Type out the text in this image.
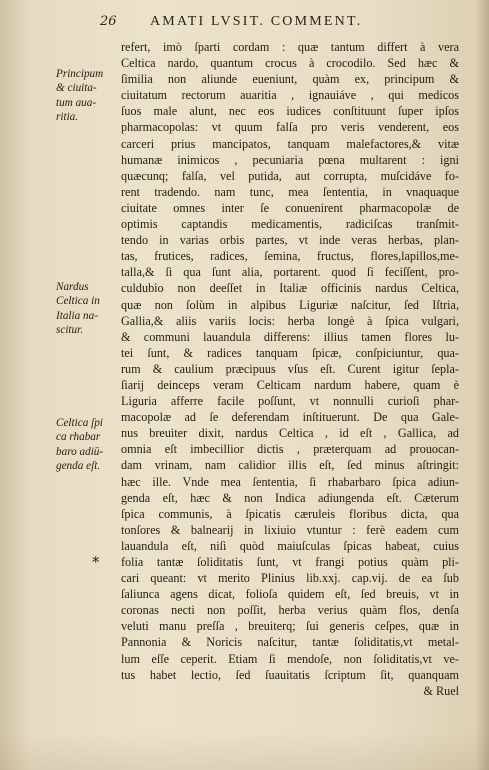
26 AMATI LVSIT. COMMENT.
Principum
& ciuita-
tum aua-
ritia.
Nardus
Celtica in
Italia na-
scitur.
Celtica ſpi
ca rhabar
baro adiū-
genda eſt.
*
refert, imò ſparti cordam : quæ tantum differt à vera
Celtica nardo, quantum crocus à crocodilo. Sed hæc &
ſimilia non aliunde eueniunt, quàm ex, principum &
ciuitatum rectorum auaritia , ignauiáve , qui medicos
ſuos male alunt, nec eos iudices conſtituunt ſuper ipſos
pharmacopolas: vt quum falſa pro veris venderent, eos
carceri prius mancipatos, tanquam malefactores,& vitæ
humanæ inimicos , pecuniaria pœna multarent : igni
quæcunq; falſa, vel putida, aut corrupta, muſcidáve fo-
rent tradendo. nam tunc, mea ſententia, in vnaquaque
ciuitate omnes inter ſe conuenirent pharmacopolæ de
optimis captandis medicamentis, radiciſcas tranſmit-
tendo in varias orbis partes, vt inde veras herbas, plan-
tas, frutices, radices, ſemina, fructus, flores,lapillos,me-
talla,& ſi qua ſunt alia, portarent. quod ſi feciſſent, pro-
culdubio non deeſſet in Italiæ officinis nardus Celtica,
quæ non ſolùm in alpibus Liguriæ naſcitur, ſed Iſtria,
Gallia,& aliis variis locis: herba longè à ſpica vulgari,
& communi lauandula differens: illius tamen flores lu-
tei ſunt, & radices tanquam ſpicæ, conſpiciuntur, qua-
rum & caulium præcipuus vſus eſt. Curent igitur ſepla-
ſiarij deinceps veram Celticam nardum habere, quam è
Liguria afferre facile poſſunt, vt nonnulli curioſi phar-
macopolæ ad ſe deferendam inſtituerunt. De qua Gale-
nus breuiter dixit, nardus Celtica , id eſt , Gallica, ad
omnia eſt imbecillior dictis , præterquam ad prouocan-
dam vrinam, nam calidior illis eſt, ſed minus aſtringit:
hæc ille. Vnde mea ſententia, ſi rhabarbaro ſpica adiun-
genda eſt, hæc & non Indica adiungenda eſt. Cæterum
ſpica communis, à ſpicatis cæruleis floribus dicta, qua
tonſores & balnearij in lixiuio vtuntur : ferè eadem cum
lauandula eſt, niſi quòd maiuſculas ſpicas habeat, cuius
folia tantæ ſoliditatis ſunt, vt frangi potius quàm pli-
cari queant: vt merito Plinius lib.xxj. cap.vij. de ea ſub
ſaliunca agens dicat, folioſa quidem eſt, ſed breuis, vt in
coronas necti non poſſit, herba verius quàm flos, denſa
veluti manu preſſa , breuiterq; ſui generis ceſpes, quæ in
Pannonia & Noricis naſcitur, tantæ ſoliditatis,vt metal-
lum eſſe ceperit. Etiam ſi mendoſe, non ſoliditatis,vt ve-
tus habet lectio, ſed ſuauitatis ſcriptum ſit, quanquam
& Ruel
